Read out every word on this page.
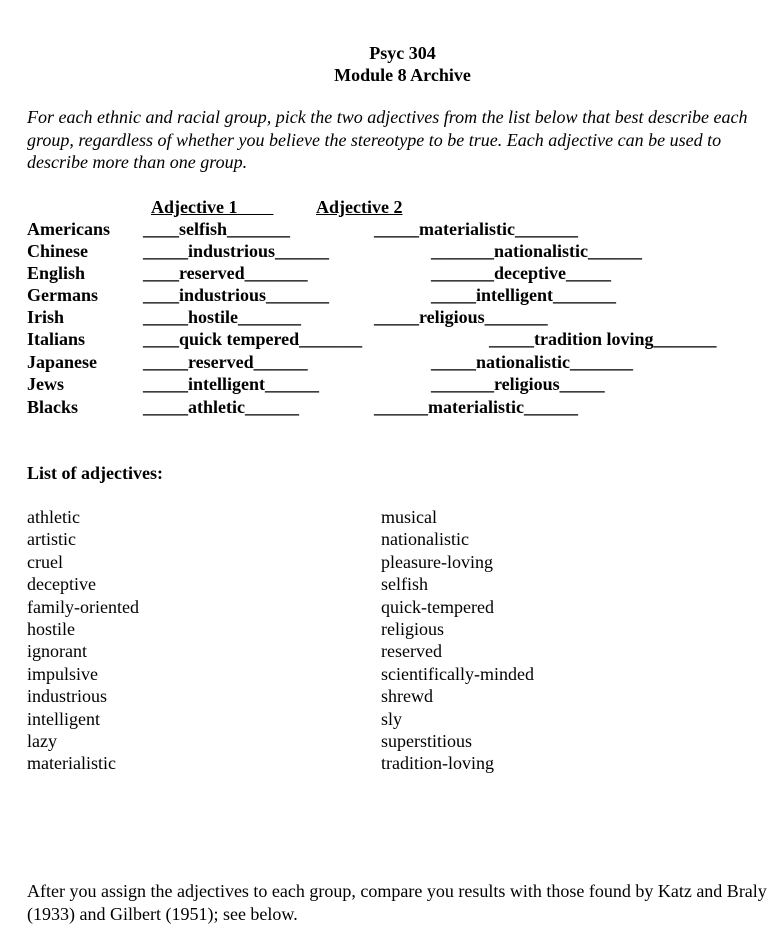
Psyc 304
Module 8 Archive
For each ethnic and racial group, pick the two adjectives from the list below that best describe each group, regardless of whether you believe the stereotype to be true. Each adjective can be used to describe more than one group.
Adjective 1	Adjective 2
Americans ____selfish_______	_____materialistic_______
Chinese	_____industrious______	_______nationalistic______
English	____reserved_______	_______deceptive_____
Germans	____industrious_______	_____intelligent_______
Irish	_____hostile_______	_____religious_______
Italians	____quick tempered_______	_____tradition loving_______
Japanese	_____reserved______	_____nationalistic_______
Jews	_____intelligent______	_______religious_____
Blacks	_____athletic______	______materialistic______
List of adjectives:
athletic
artistic
cruel
deceptive
family-oriented
hostile
ignorant
impulsive
industrious
intelligent
lazy
materialistic
musical
nationalistic
pleasure-loving
selfish
quick-tempered
religious
reserved
scientifically-minded
shrewd
sly
superstitious
tradition-loving
After you assign the adjectives to each group, compare you results with those found by Katz and Braly (1933) and Gilbert (1951); see below.
